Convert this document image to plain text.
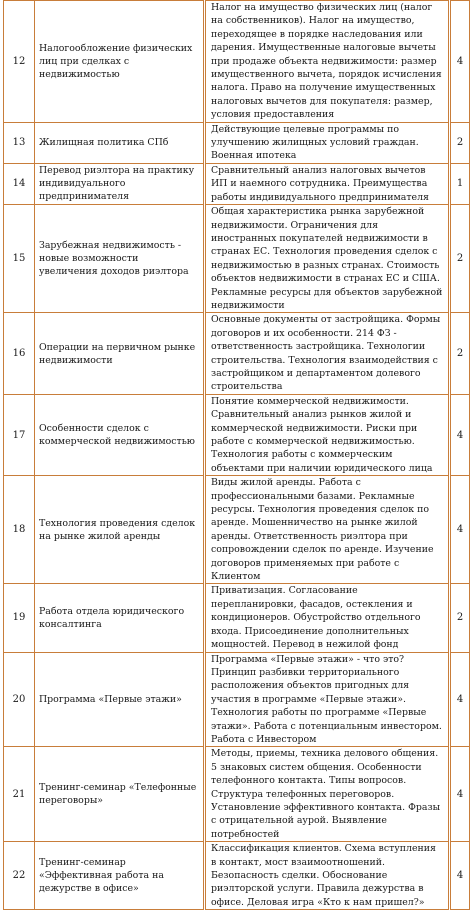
12	Налогообложение физических лиц при сделках с недвижимостью	Налог на имущество физических лиц (налог на собственников). Налог на имущество, переходящее в порядке наследования или дарения. Имущественные налоговые вычеты при продаже объекта недвижимости: размер имущественного вычета, порядок исчисления налога. Право на получение имущественных налоговых вычетов для покупателя: размер, условия предоставления	4
13	Жилищная политика СПб	Действующие целевые программы по улучшению жилищных условий граждан. Военная ипотека	2
14	Перевод риэлтора на практику индивидуального предпринимателя	Сравнительный анализ налоговых вычетов ИП и наемного сотрудника. Преимущества работы индивидуального предпринимателя	1
15	Зарубежная недвижимость - новые возможности увеличения доходов риэлтора	Общая характеристика рынка зарубежной недвижимости. Ограничения для иностранных покупателей недвижимости в странах ЕС. Технология проведения сделок с недвижимостью в разных странах. Стоимость объектов недвижимости в странах ЕС и США. Рекламные ресурсы для объектов зарубежной недвижимости	2
16	Операции на первичном рынке недвижимости	Основные документы от застройщика. Формы договоров и их особенности. 214 ФЗ - ответственность застройщика. Технологии строительства. Технология взаимодействия с застройщиком и департаментом долевого строительства	2
17	Особенности сделок с коммерческой недвижимостью	Понятие коммерческой недвижимости. Сравнительный анализ рынков жилой и коммерческой недвижимости. Риски при работе с коммерческой недвижимостью. Технология работы с коммерческим объектами при наличии юридического лица	4
18	Технология проведения сделок на рынке жилой аренды	Виды жилой аренды. Работа с профессиональными базами. Рекламные ресурсы. Технология проведения сделок по аренде. Мошенничество на рынке жилой аренды. Ответственность риэлтора при сопровождении сделок по аренде. Изучение договоров применяемых при работе с Клиентом	4
19	Работа отдела юридического консалтинга	Приватизация. Согласование перепланировки, фасадов, остекления и кондиционеров. Обустройство отдельного входа. Присоединение дополнительных мощностей. Перевод в нежилой фонд	2
20	Программа «Первые этажи»	Программа «Первые этажи» - что это? Принцип разбивки территориального расположения объектов пригодных для участия в программе «Первые этажи». Технология работы по программе «Первые этажи». Работа с потенциальным инвестором. Работа с Инвестором	4
21	Тренинг-семинар «Телефонные переговоры»	Методы, приемы, техника делового общения. 5 знаковых систем общения. Особенности телефонного контакта. Типы вопросов. Структура телефонных переговоров. Установление эффективного контакта. Фразы с отрицательной аурой. Выявление потребностей	4
22	Тренинг-семинар «Эффективная работа на дежурстве в офисе»	Классификация клиентов. Схема вступления в контакт, мост взаимоотношений. Безопасность сделки. Обоснование риэлторской услуги. Правила дежурства в офисе. Деловая игра «Кто к нам пришел?»	4
